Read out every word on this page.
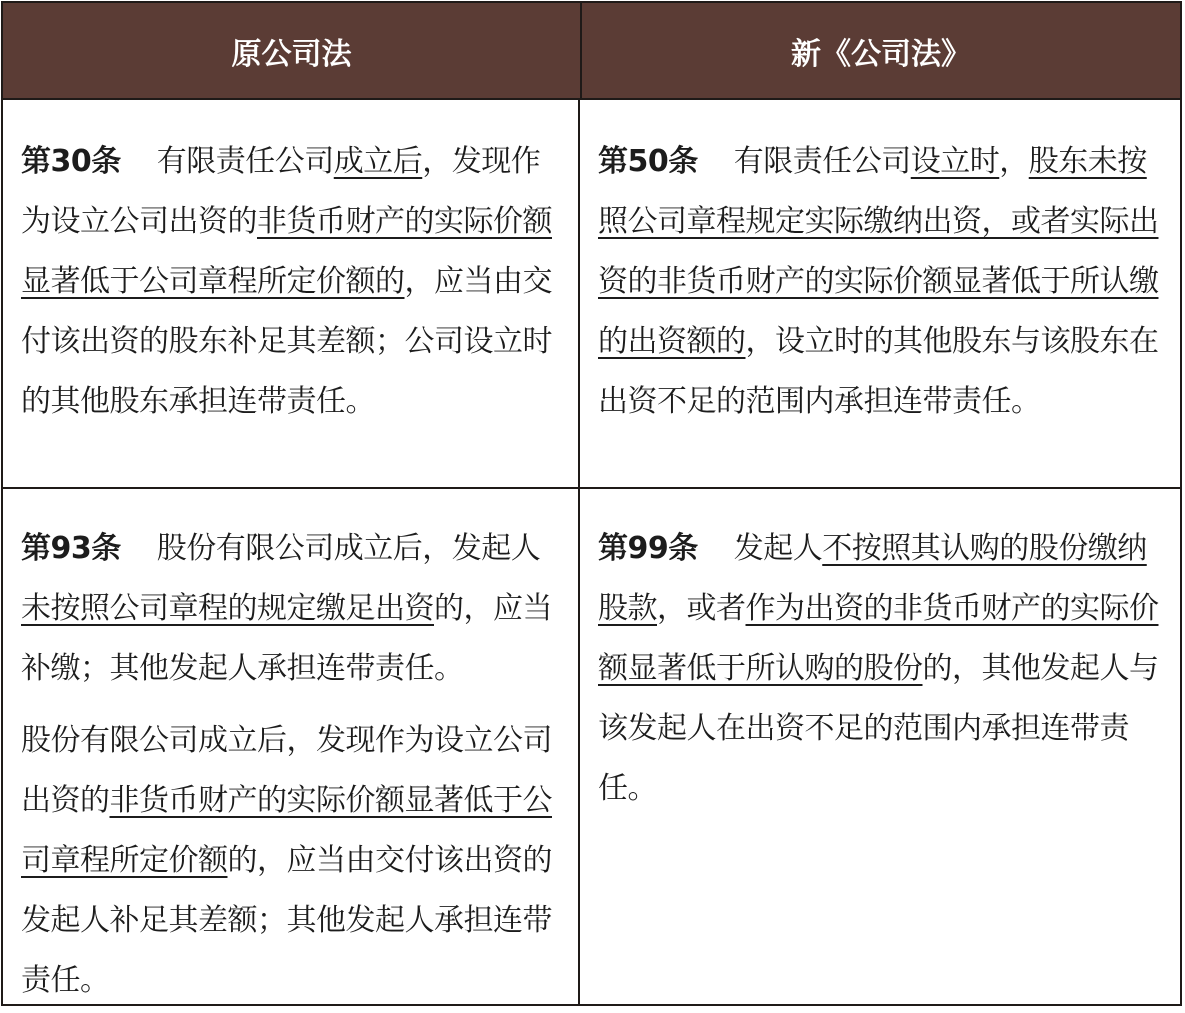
原公司法	新《公司法》

第30条 有限责任公司成立后，发现作为设立公司出资的非货币财产的实际价额显著低于公司章程所定价额的，应当由交付该出资的股东补足其差额；公司设立时的其他股东承担连带责任。

第50条 有限责任公司设立时，股东未按照公司章程规定实际缴纳出资，或者实际出资的非货币财产的实际价额显著低于所认缴的出资额的，设立时的其他股东与该股东在出资不足的范围内承担连带责任。

第93条 股份有限公司成立后，发起人未按照公司章程的规定缴足出资的，应当补缴；其他发起人承担连带责任。

股份有限公司成立后，发现作为设立公司出资的非货币财产的实际价额显著低于公司章程所定价额的，应当由交付该出资的发起人补足其差额；其他发起人承担连带责任。

第99条 发起人不按照其认购的股份缴纳股款，或者作为出资的非货币财产的实际价额显著低于所认购的股份的，其他发起人与该发起人在出资不足的范围内承担连带责任。
